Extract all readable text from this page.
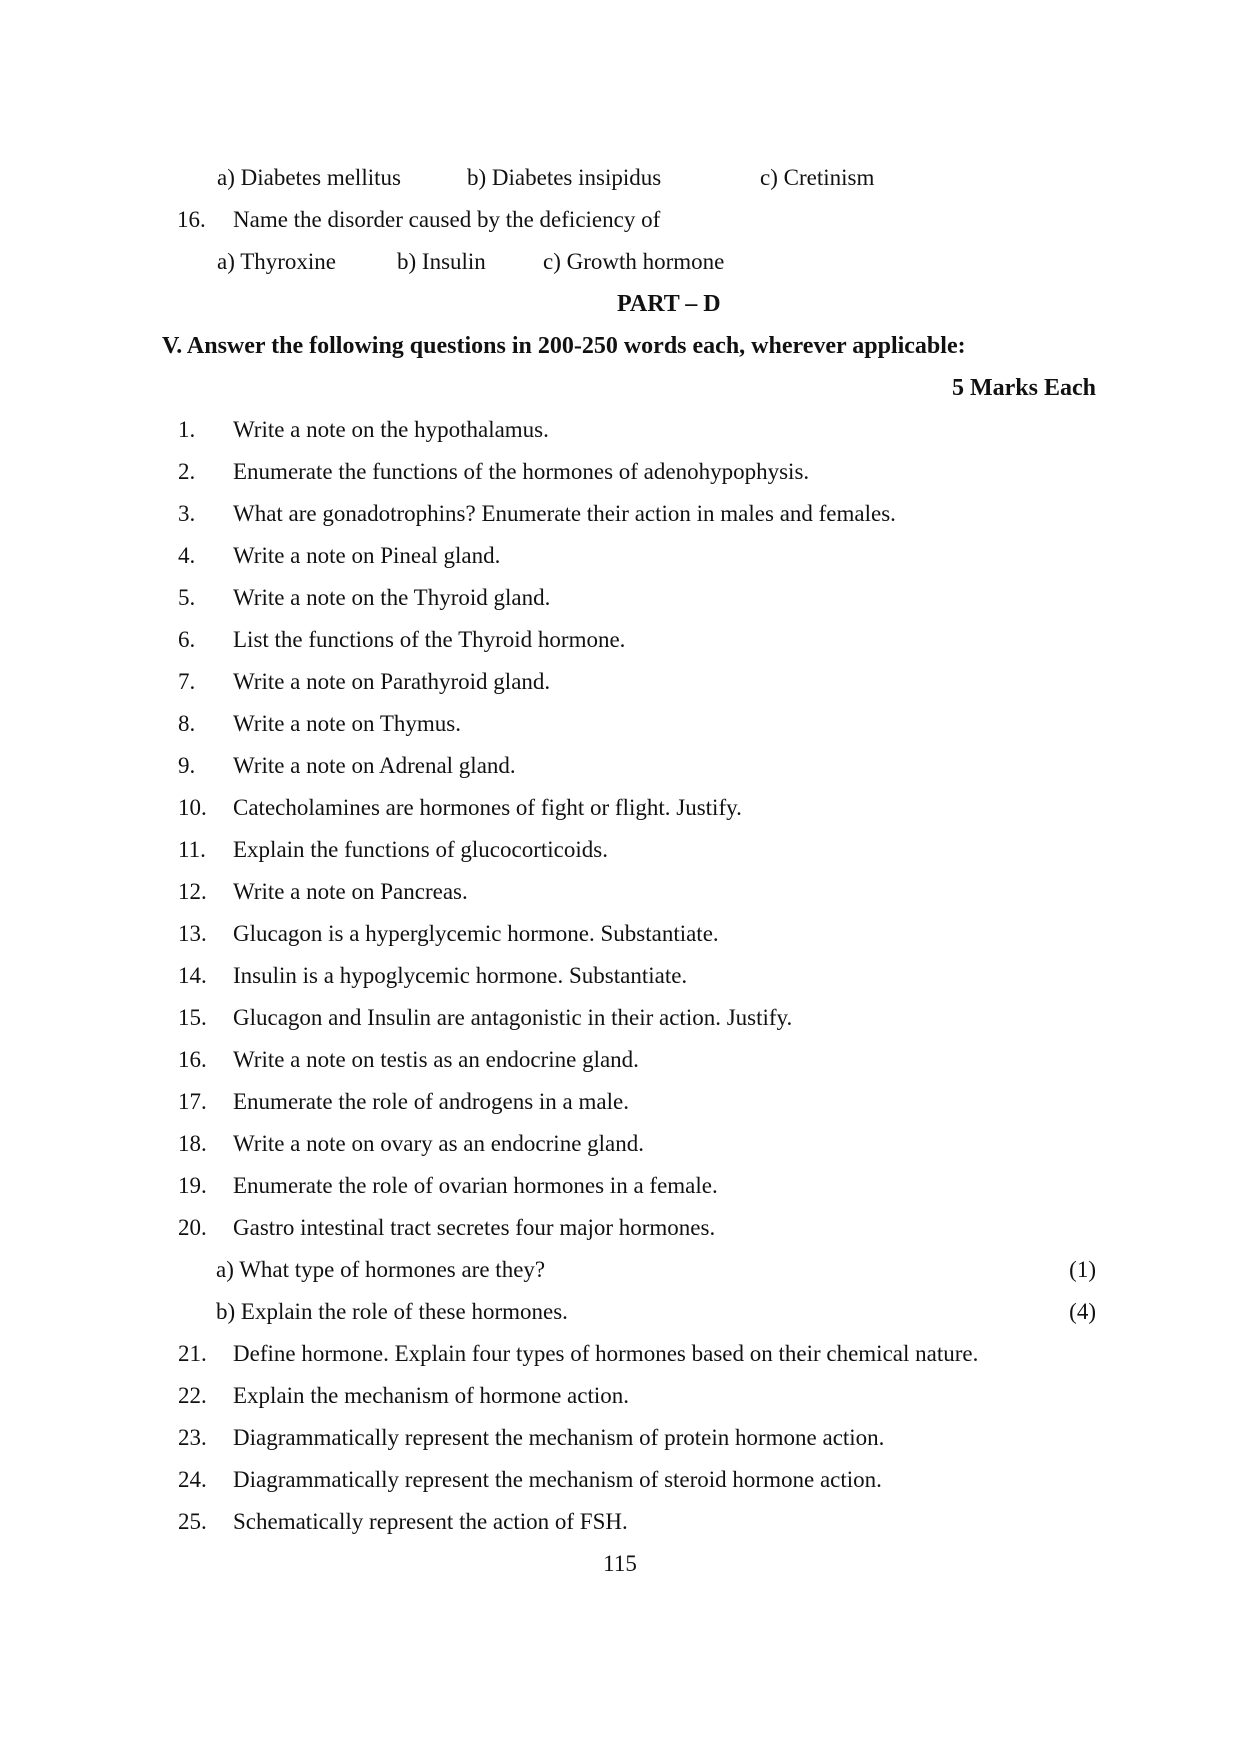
a) Diabetes mellitus	b) Diabetes insipidus	c) Cretinism
16. Name the disorder caused by the deficiency of
a) Thyroxine	b) Insulin c) Growth hormone
PART – D
V. Answer the following questions in 200-250 words each, wherever applicable:
5 Marks Each
1. Write a note on the hypothalamus.
2. Enumerate the functions of the hormones of adenohypophysis.
3. What are gonadotrophins? Enumerate their action in males and females.
4. Write a note on Pineal gland.
5. Write a note on the Thyroid gland.
6. List the functions of the Thyroid hormone.
7. Write a note on Parathyroid gland.
8. Write a note on Thymus.
9. Write a note on Adrenal gland.
10. Catecholamines are hormones of fight or flight. Justify.
11. Explain the functions of glucocorticoids.
12. Write a note on Pancreas.
13. Glucagon is a hyperglycemic hormone. Substantiate.
14. Insulin is a hypoglycemic hormone. Substantiate.
15. Glucagon and Insulin are antagonistic in their action. Justify.
16. Write a note on testis as an endocrine gland.
17. Enumerate the role of androgens in a male.
18. Write a note on ovary as an endocrine gland.
19. Enumerate the role of ovarian hormones in a female.
20. Gastro intestinal tract secretes four major hormones.
a) What type of hormones are they?	(1)
b) Explain the role of these hormones.	(4)
21. Define hormone. Explain four types of hormones based on their chemical nature.
22. Explain the mechanism of hormone action.
23. Diagrammatically represent the mechanism of protein hormone action.
24. Diagrammatically represent the mechanism of steroid hormone action.
25. Schematically represent the action of FSH.
115
